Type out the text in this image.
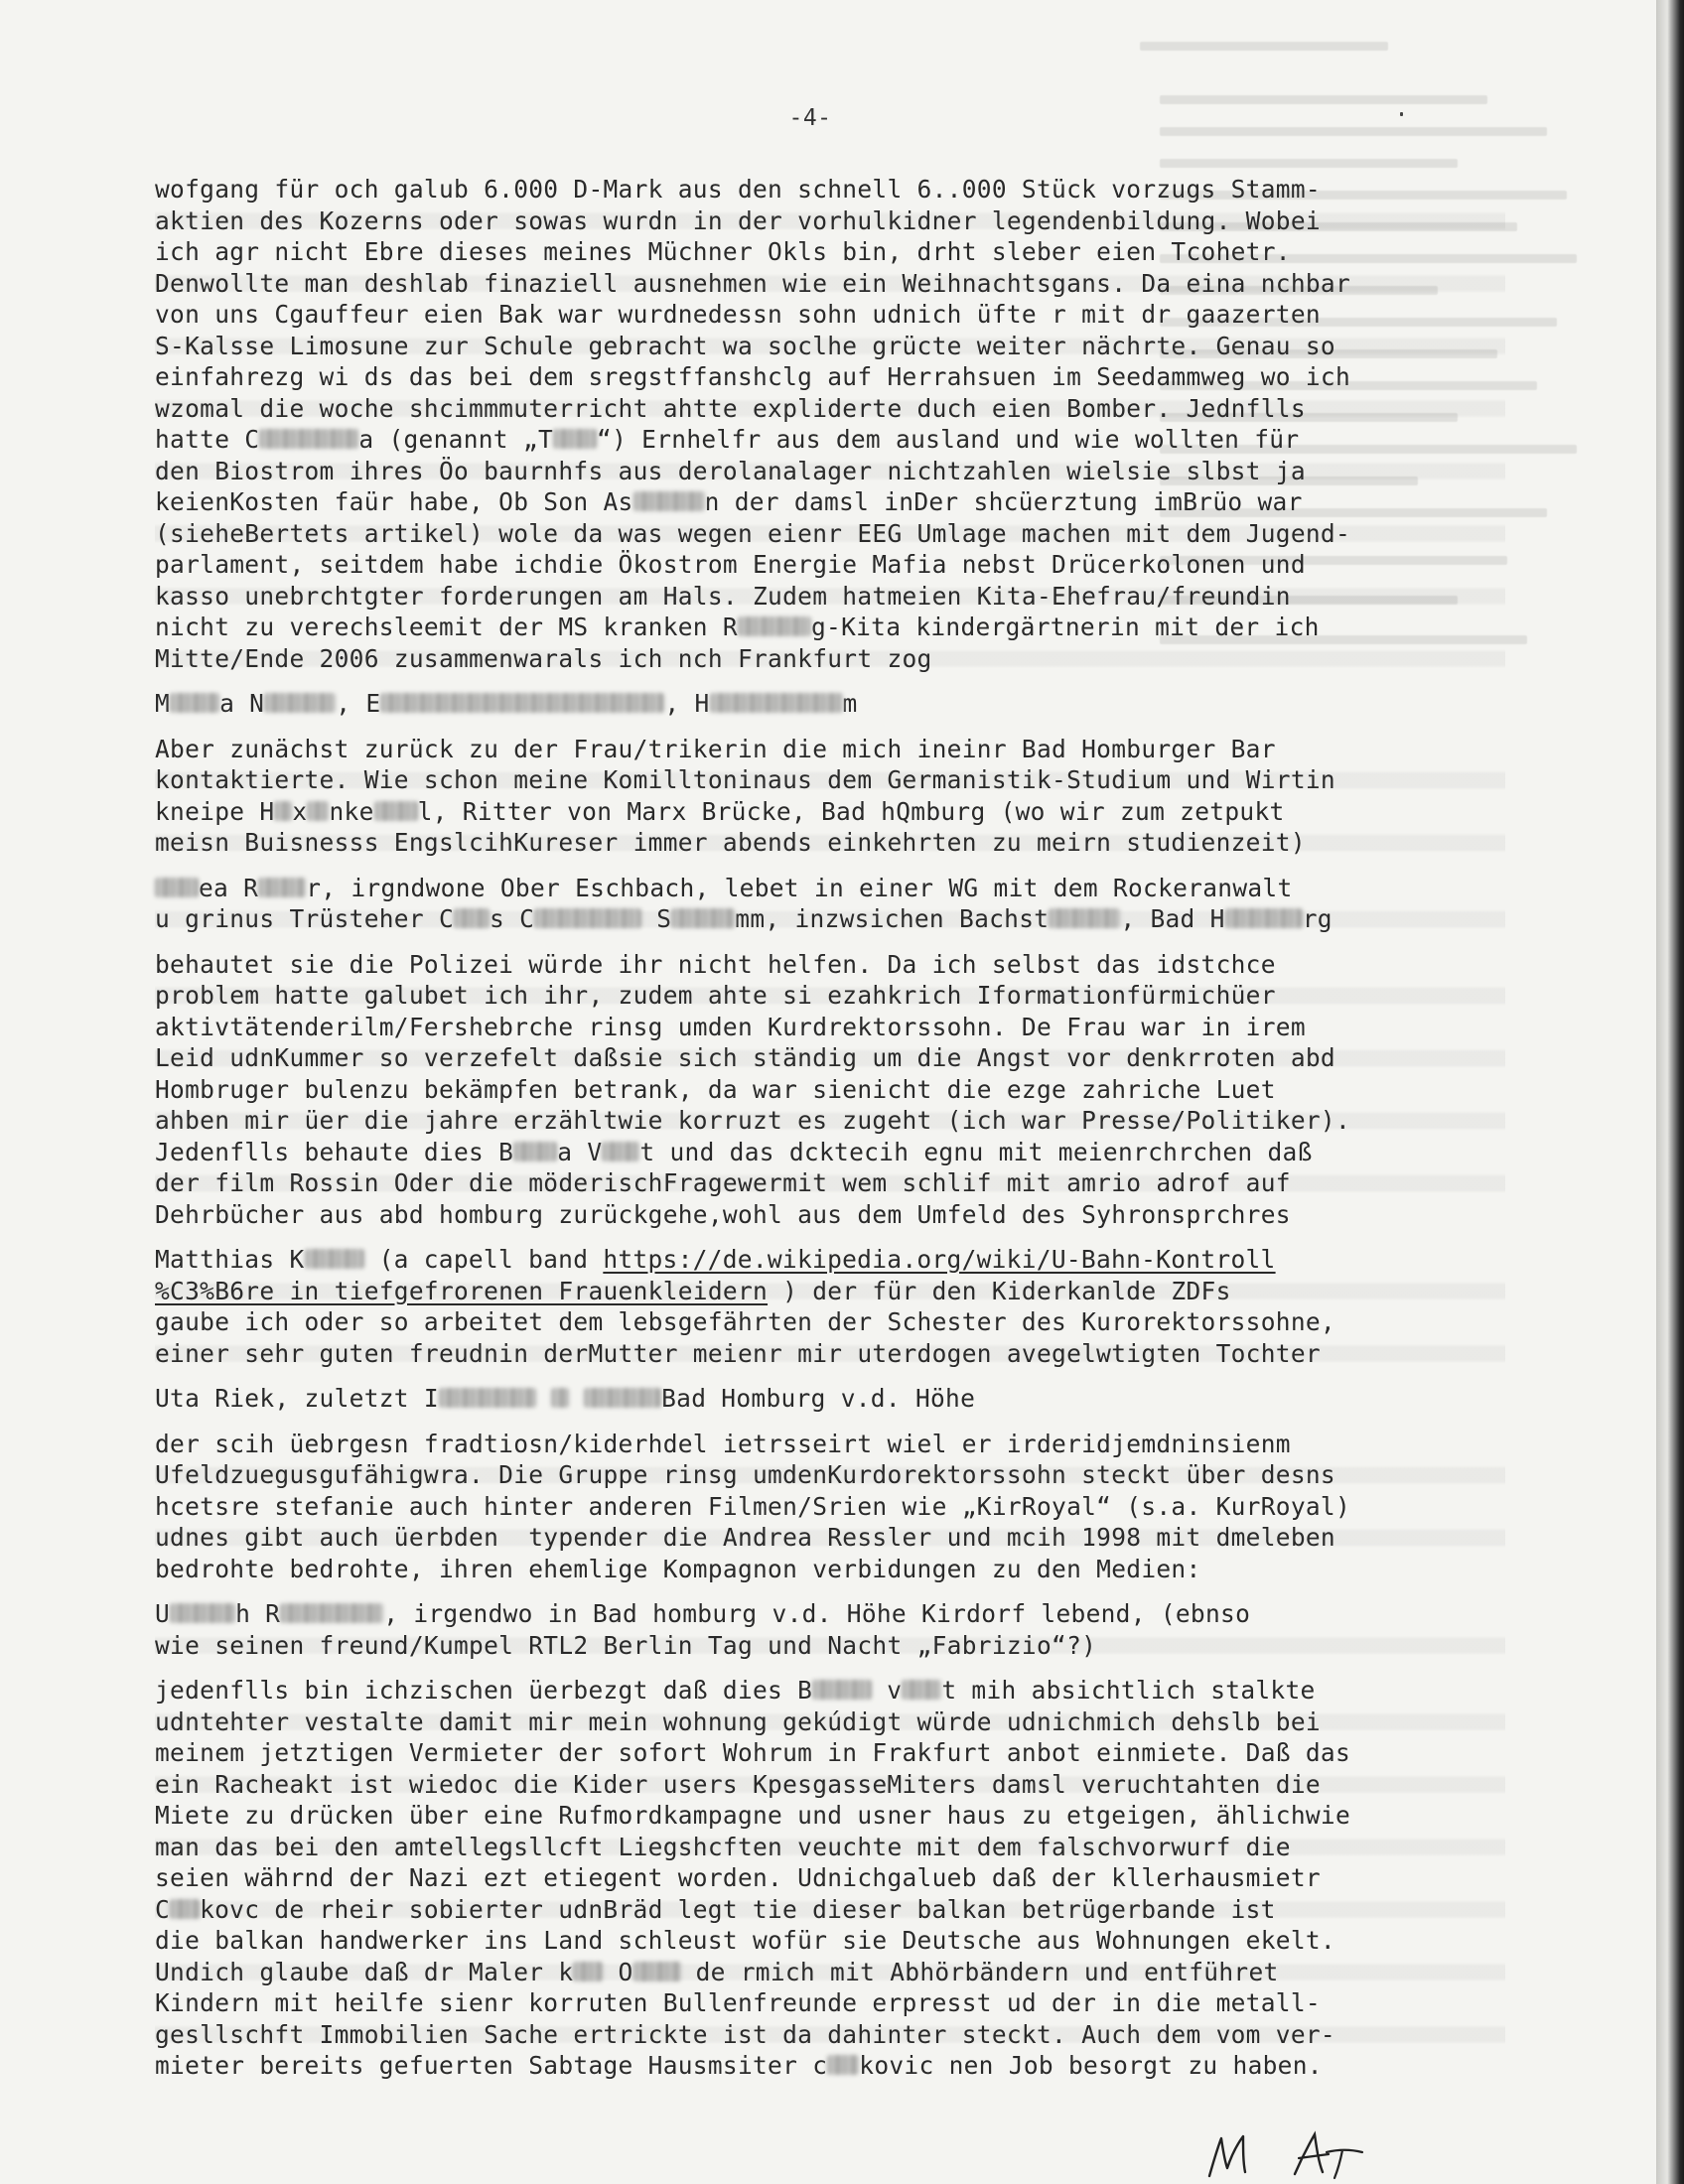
-4-
wofgang für och galub 6.000 D-Mark aus den schnell 6..000 Stück vorzugs Stamm-
aktien des Kozerns oder sowas wurdn in der vorhulkidner legendenbildung. Wobei
ich agr nicht Ebre dieses meines Müchner Okls bin, drht sleber eien Tcohetr.
Denwollte man deshlab finaziell ausnehmen wie ein Weihnachtsgans. Da eina nchbar
von uns Cgauffeur eien Bak war wurdnedessn sohn udnich üfte r mit dr gaazerten
S-Kalsse Limosune zur Schule gebracht wa soclhe grücte weiter nächrte. Genau so
einfahrezg wi ds das bei dem sregstffanshclg auf Herrahsuen im Seedammweg wo ich
wzomal die woche shcimmmuterricht ahtte expliderte duch eien Bomber. Jednflls
hatte C	a (genannt „T “) Ernhelfr aus dem ausland und wie wollten für
den Biostrom ihres Öo baurnhfs aus derolanalager nichtzahlen wielsie slbst ja
keienKosten faür habe, Ob Son As	n der damsl inDer shcüerztung imBrüo war
(sieheBertets artikel) wole da was wegen eienr EEG Umlage machen mit dem Jugend-
parlament, seitdem habe ichdie Ökostrom Energie Mafia nebst Drücerkolonen und
kasso unebrchtgter forderungen am Hals. Zudem hatmeien Kita-Ehefrau/freundin
nicht zu verechsleemit der MS kranken R	g-Kita kindergärtnerin mit der ich
Mitte/Ende 2006 zusammenwarals ich nch Frankfurt zog
M a N	, E	, H	m
Aber zunächst zurück zu der Frau/trikerin die mich ineinr Bad Homburger Bar
kontaktierte. Wie schon meine Komilltoninaus dem Germanistik-Studium und Wirtin
kneipe H x nke l, Ritter von Marx Brücke, Bad hQmburg (wo wir zum zetpukt
meisn Buisnesss EngslcihKureser immer abends einkehrten zu meirn studienzeit)
ea R r, irgndwone Ober Eschbach, lebet in einer WG mit dem Rockeranwalt
u grinus Trüsteher C s C	S	mm, inzwsichen Bachst	, Bad H	rg
behautet sie die Polizei würde ihr nicht helfen. Da ich selbst das idstchce
problem hatte galubet ich ihr, zudem ahte si ezahkrich Iformationfürmichüer
aktivtätenderilm/Fershebrche rinsg umden Kurdrektorssohn. De Frau war in irem
Leid udnKummer so verzefelt daßsie sich ständig um die Angst vor denkrroten abd
Hombruger bulenzu bekämpfen betrank, da war sienicht die ezge zahriche Luet
ahben mir üer die jahre erzähltwie korruzt es zugeht (ich war Presse/Politiker).
Jedenflls behaute dies B a V t und das dcktecih egnu mit meienrchrchen daß
der film Rossin Oder die möderischFragewermit wem schlif mit amrio adrof auf
Dehrbücher aus abd homburg zurückgehe,wohl aus dem Umfeld des Syhronsprchres
Matthias K (a capell band https://de.wikipedia.org/wiki/U-Bahn-Kontroll
%C3%B6re_in_tiefgefrorenen_Frauenkleidern ) der für den Kiderkanlde ZDFs
gaube ich oder so arbeitet dem lebsgefährten der Schester des Kurorektorssohne,
einer sehr guten freudnin derMutter meienr mir uterdogen avegelwtigten Tochter
Uta Riek, zuletzt I	Bad Homburg v.d. Höhe
der scih üebrgesn fradtiosn/kiderhdel ietrsseirt wiel er irderidjemdninsienm
Ufeldzuegusgufähigwra. Die Gruppe rinsg umdenKurdorektorssohn steckt über desns
hcetsre stefanie auch hinter anderen Filmen/Srien wie „KirRoyal“ (s.a. KurRoyal)
udnes gibt auch üerbden  typender die Andrea Ressler und mcih 1998 mit dmeleben
bedrohte bedrohte, ihren ehemlige Kompagnon verbidungen zu den Medien:
U	h R	, irgendwo in Bad homburg v.d. Höhe Kirdorf lebend, (ebnso
wie seinen freund/Kumpel RTL2 Berlin Tag und Nacht „Fabrizio“?)
jedenflls bin ichzischen üerbezgt daß dies B v t mih absichtlich stalkte
udntehter vestalte damit mir mein wohnung gekúdigt würde udnichmich dehslb bei
meinem jetztigen Vermieter der sofort Wohrum in Frakfurt anbot einmiete. Daß das
ein Racheakt ist wiedoc die Kider users KpesgasseMiters damsl veruchtahten die
Miete zu drücken über eine Rufmordkampagne und usner haus zu etgeigen, ählichwie
man das bei den amtellegsllcft Liegshcften veuchte mit dem falschvorwurf die
seien währnd der Nazi ezt etiegent worden. Udnichgalueb daß der kllerhausmietr
C kovc de rheir sobierter udnBräd legt tie dieser balkan betrügerbande ist
die balkan handwerker ins Land schleust wofür sie Deutsche aus Wohnungen ekelt.
Undich glaube daß dr Maler k O de rmich mit Abhörbändern und entführet
Kindern mit heilfe sienr korruten Bullenfreunde erpresst ud der in die metall-
gesllschft Immobilien Sache ertrickte ist da dahinter steckt. Auch dem vom ver-
mieter bereits gefuerten Sabtage Hausmsiter c kovic nen Job besorgt zu haben.
